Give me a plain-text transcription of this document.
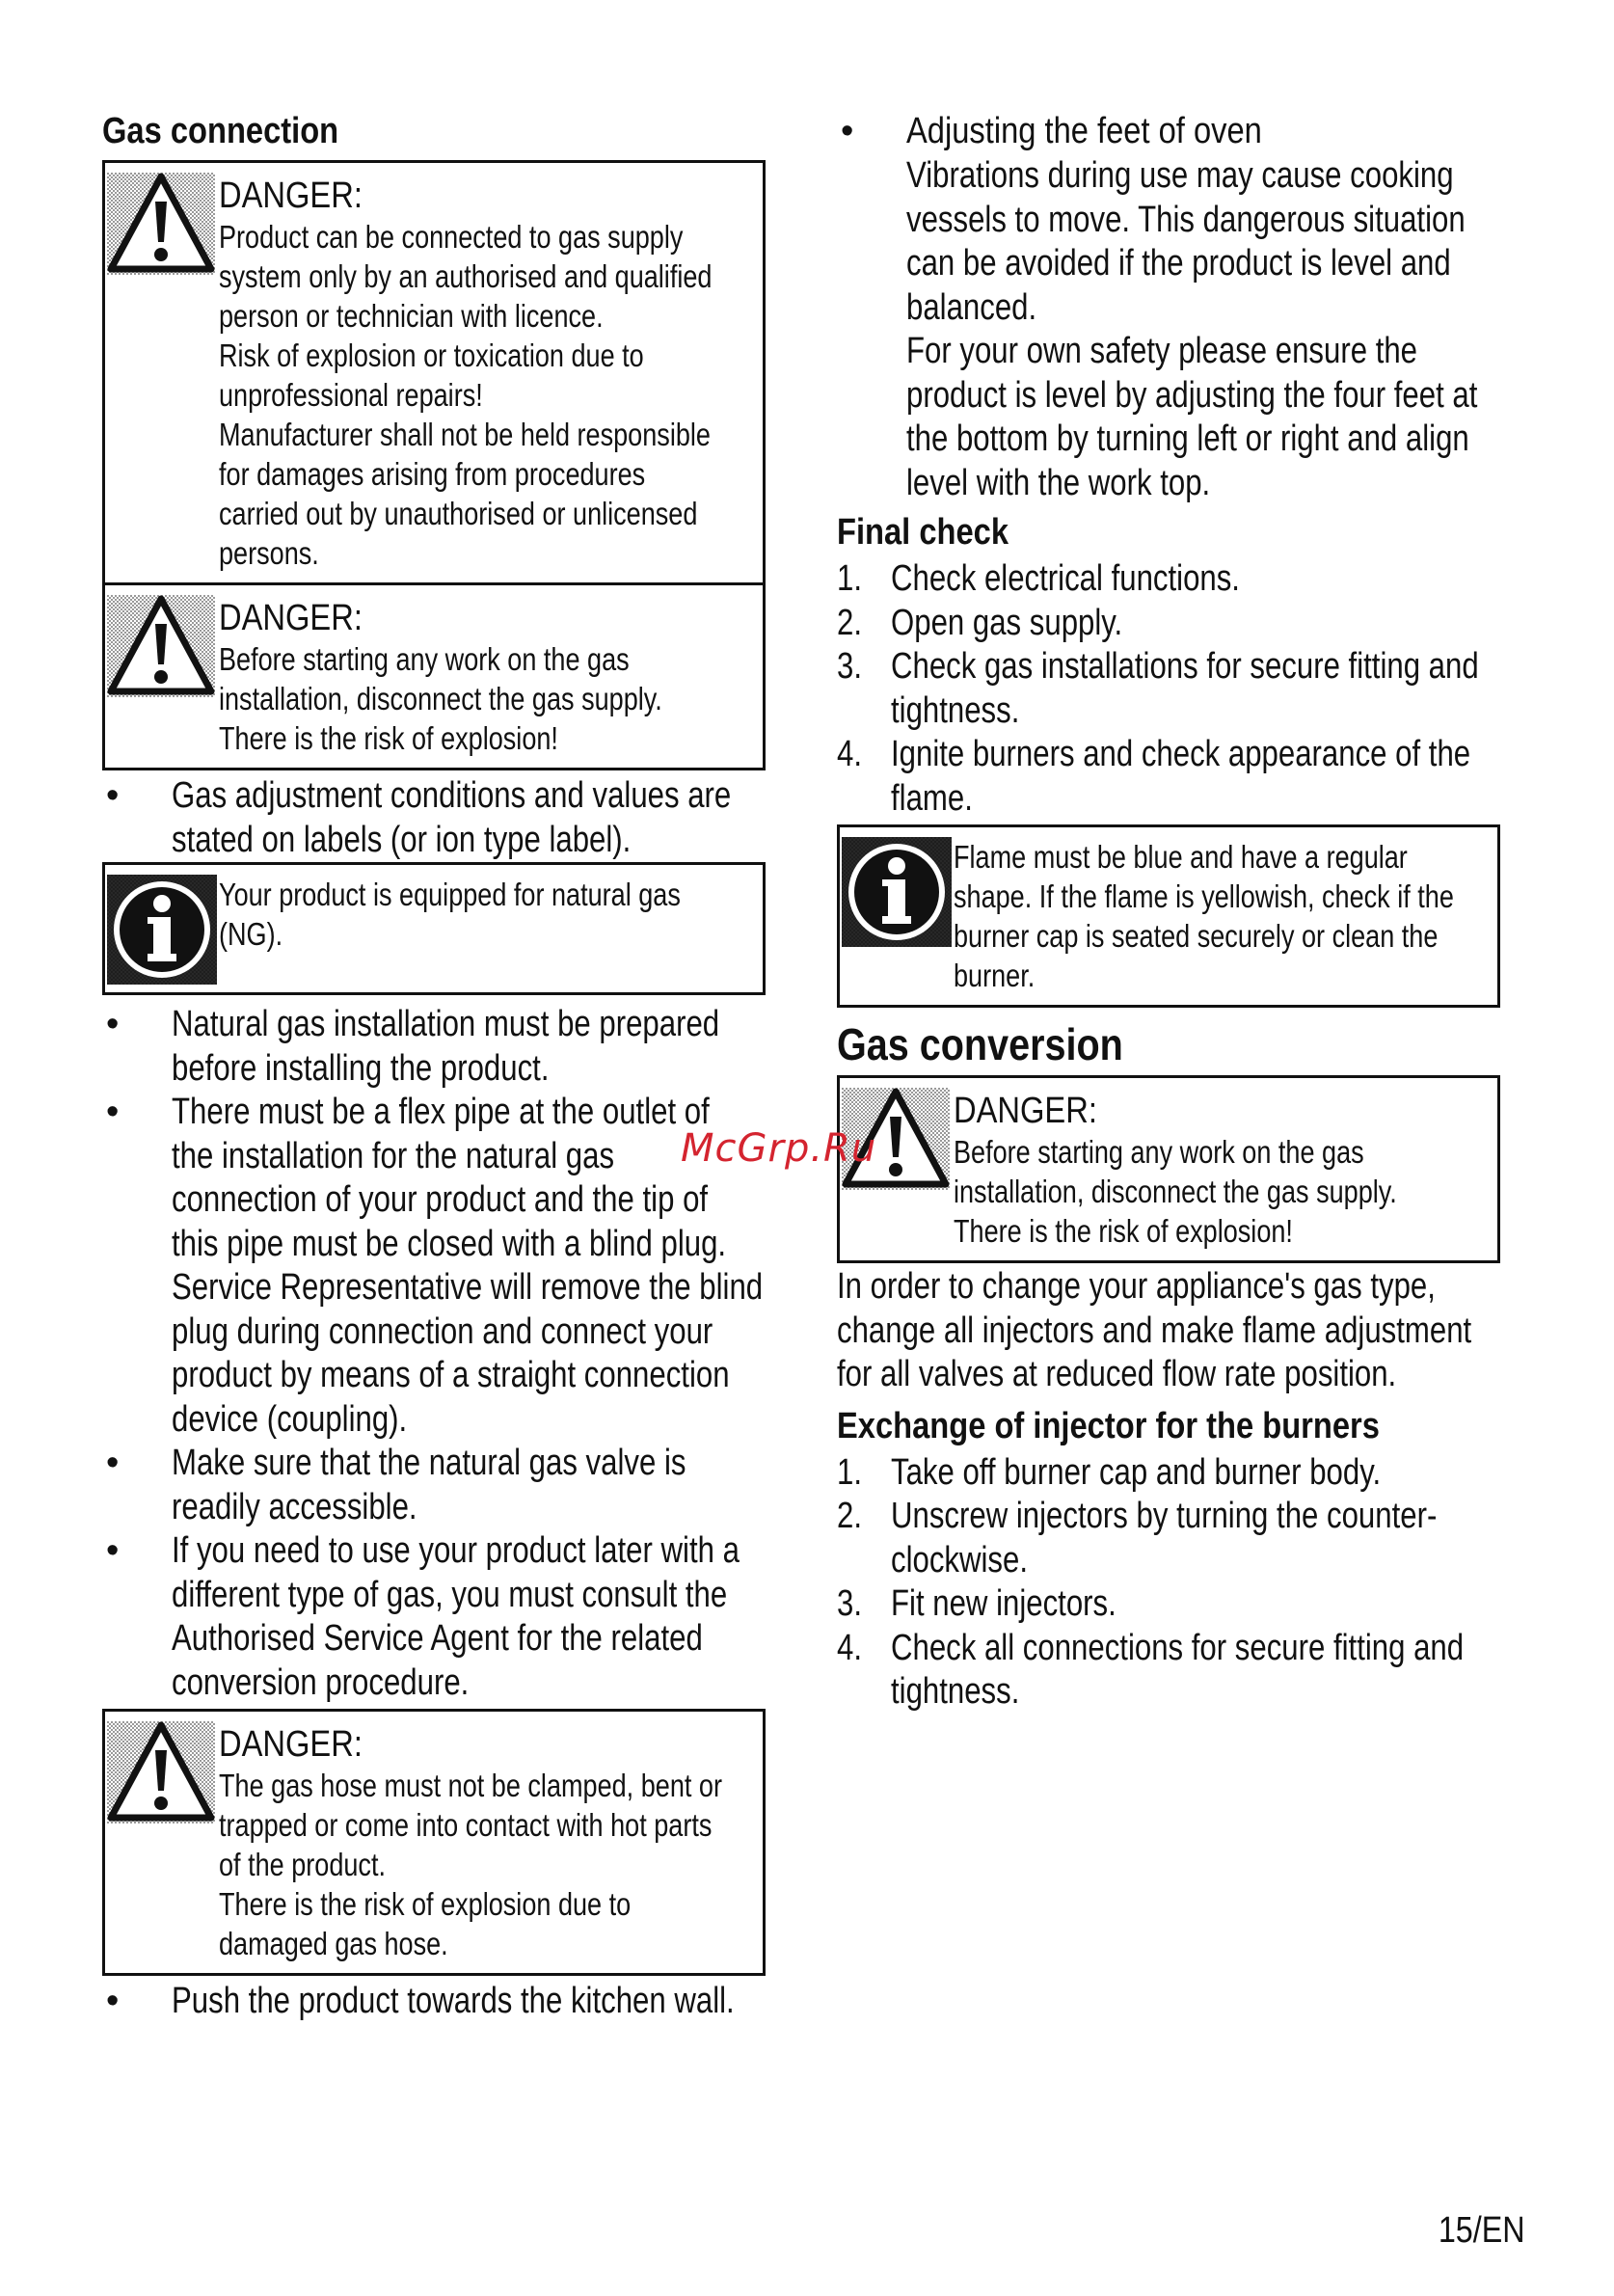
Gas connection
DANGER:

Product can be connected to gas supply

system only by an authorised and qualified

person or technician with licence.

Risk of explosion or toxication due to

unprofessional repairs!

Manufacturer shall not be held responsible

for damages arising from procedures

carried out by unauthorised or unlicensed

persons.

DANGER:

Before starting any work on the gas

installation, disconnect the gas supply.

There is the risk of explosion!

• Gas adjustment conditions and values are
stated on labels (or ion type label).

Your product is equipped for natural gas

(NG).

• Natural gas installation must be prepared
before installing the product.
• There must be a flex pipe at the outlet of
the installation for the natural gas
connection of your product and the tip of
this pipe must be closed with a blind plug.
Service Representative will remove the blind
plug during connection and connect your
product by means of a straight connection
device (coupling).
• Make sure that the natural gas valve is
readily accessible.
• If you need to use your product later with a
different type of gas, you must consult the
Authorised Service Agent for the related
conversion procedure.
DANGER:

The gas hose must not be clamped, bent or

trapped or come into contact with hot parts

of the product.

There is the risk of explosion due to

damaged gas hose.

• Push the product towards the kitchen wall.
• Adjusting the feet of oven
Vibrations during use may cause cooking
vessels to move. This dangerous situation
can be avoided if the product is level and
balanced.
For your own safety please ensure the
product is level by adjusting the four feet at
the bottom by turning left or right and align
level with the work top.
Final check
1. Check electrical functions.
2. Open gas supply.
3. Check gas installations for secure fitting and
tightness.
4. Ignite burners and check appearance of the
flame.

Flame must be blue and have a regular

shape. If the flame is yellowish, check if the

burner cap is seated securely or clean the

burner.

Gas conversion
DANGER:

Before starting any work on the gas

installation, disconnect the gas supply.

There is the risk of explosion!

In order to change your appliance's gas type,
change all injectors and make flame adjustment
for all valves at reduced flow rate position.
Exchange of injector for the burners
1. Take off burner cap and burner body.
2. Unscrew injectors by turning the counter-
clockwise.
3. Fit new injectors.
4. Check all connections for secure fitting and
tightness.
McGrp.Ru
15/EN
